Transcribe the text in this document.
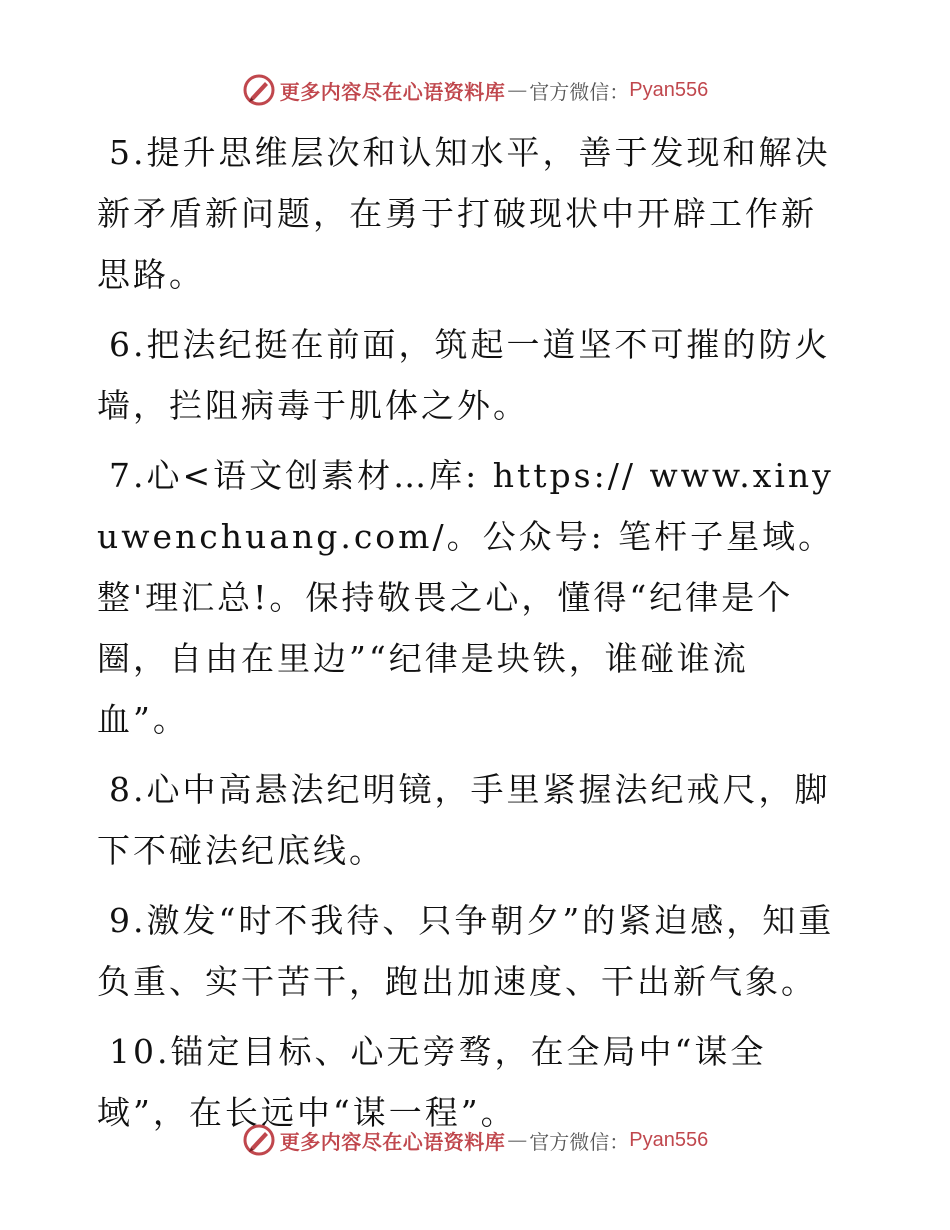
更多内容尽在心语资料库 — 官方微信： Pyan556

5.提升思维层次和认知水平，善于发现和解决新矛盾新问题，在勇于打破现状中开辟工作新思路。

6.把法纪挺在前面，筑起一道坚不可摧的防火墙，拦阻病毒于肌体之外。

7.心<语文创素材…库: https:// www.xinyuwenchuang.com/。公众号: 笔杆子星域。整'理汇总!。保持敬畏之心，懂得“纪律是个圈，自由在里边”“纪律是块铁，谁碰谁流血”。

8.心中高悬法纪明镜，手里紧握法纪戒尺，脚下不碰法纪底线。

9.激发“时不我待、只争朝夕”的紧迫感，知重负重、实干苦干，跑出加速度、干出新气象。

10.锚定目标、心无旁骛，在全局中“谋全域”，在长远中“谋一程”。

更多内容尽在心语资料库 — 官方微信： Pyan556
